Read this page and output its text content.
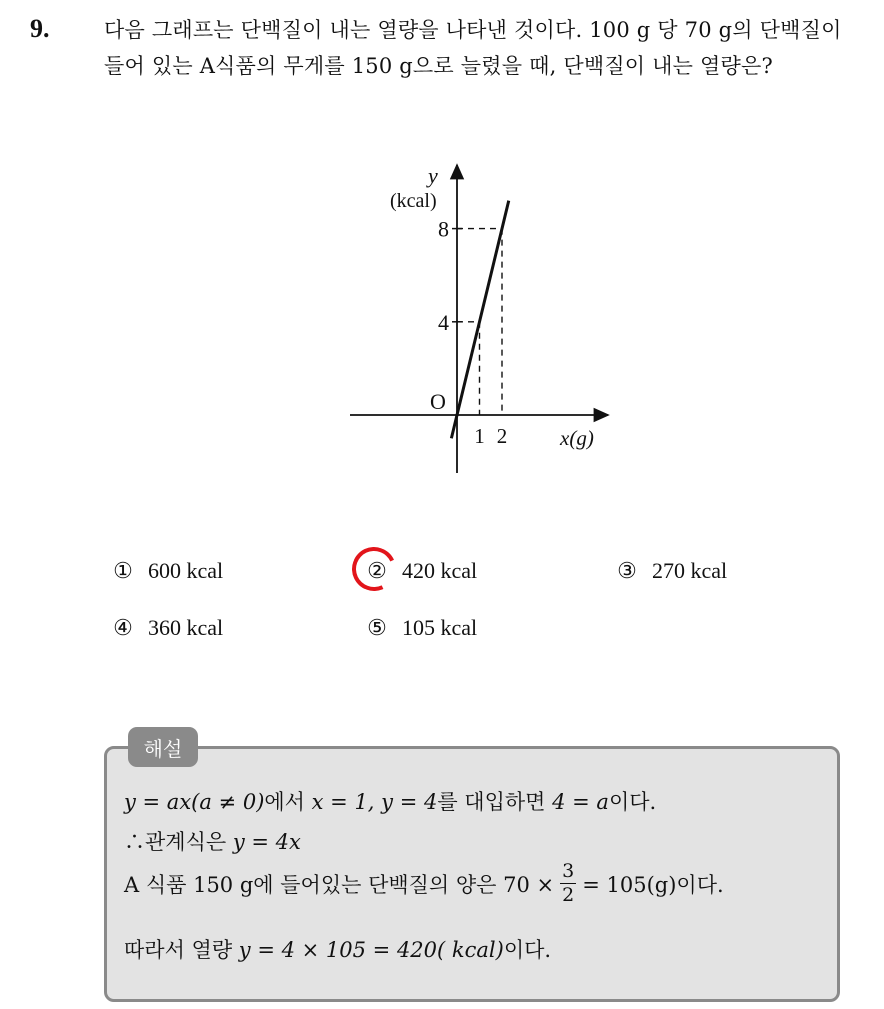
9.	다음 그래프는 단백질이 내는 열량을 나타낸 것이다. 100 g 당 70 g의 단백질이 들어 있는 A식품의 무게를 150 g으로 늘렸을 때, 단백질이 내는 열량은?
4
8
1 2
y
(kcal)
O
x(g)
① 600 kcal	② 420 kcal	③ 270 kcal
④ 360 kcal	⑤ 105 kcal
해설
y = ax(a ≠ 0)에서 x = 1, y = 4를 대입하면 4 = a이다.
∴관계식은 y = 4x
A 식품 150 g에 들어있는 단백질의 양은 $70 \times \frac{3}{2} = 105(g)$이다.
따라서 열량 y = 4 × 105 = 420( kcal)이다.
